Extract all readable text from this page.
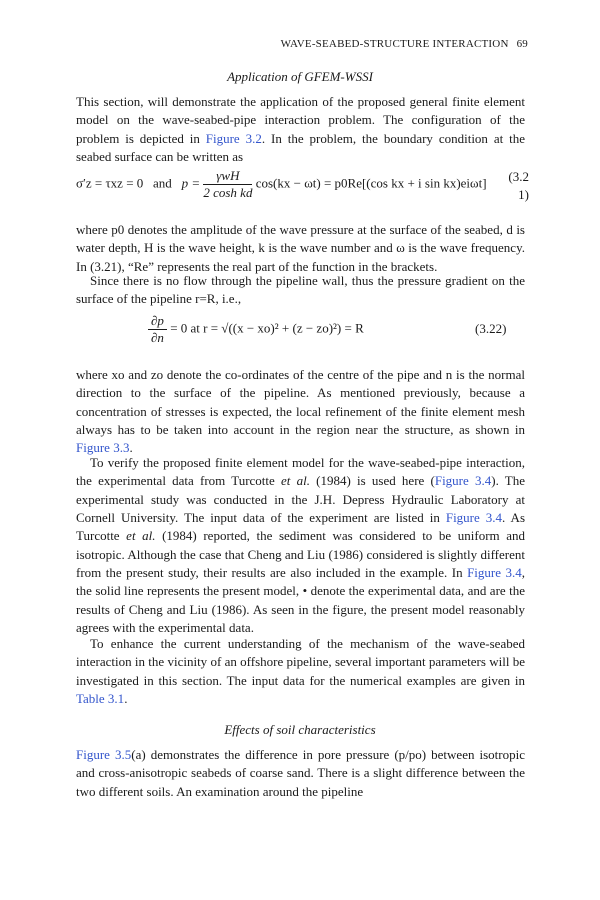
WAVE-SEABED-STRUCTURE INTERACTION 69
Application of GFEM-WSSI

This section, will demonstrate the application of the proposed general finite element model on the wave-seabed-pipe interaction problem. The configuration of the problem is depicted in Figure 3.2. In the problem, the boundary condition at the seabed surface can be written as

σ′z = τxz = 0 and $p = \frac{\text{γwH}}{\text{2 cosh kd}} \cos(kx - \omega t) = p0Re[(\cos$ kx + i sin kx)eiωt] (3.21)

where p0 denotes the amplitude of the wave pressure at the surface of the seabed, d is water depth, H is the wave height, k is the wave number and ω is the wave frequency. In (3.21), “Re” represents the real part of the function in the brackets.

Since there is no flow through the pipeline wall, thus the pressure gradient on the surface of the pipeline r=R, i.e.,

$\frac{\partial p}{\partial n} = 0$ at r = √((x − xo)² + (z − zo)²) = R	(3.22)

where xo and zo denote the co-ordinates of the centre of the pipe and n is the normal direction to the surface of the pipeline. As mentioned previously, because a concentration of stresses is expected, the local refinement of the finite element mesh always has to be taken into account in the region near the structure, as shown in Figure 3.3.

To verify the proposed finite element model for the wave-seabed-pipe interaction, the experimental data from Turcotte et al. (1984) is used here (Figure 3.4). The experimental study was conducted in the J.H. Depress Hydraulic Laboratory at Cornell University. The input data of the experiment are listed in Figure 3.4. As Turcotte et al. (1984) reported, the sediment was considered to be uniform and isotropic. Although the case that Cheng and Liu (1986) considered is slightly different from the present study, their results are also included in the example. In Figure 3.4, the solid line represents the present model, • denote the experimental data, and are the results of Cheng and Liu (1986). As seen in the figure, the present model reasonably agrees with the experimental data.

To enhance the current understanding of the mechanism of the wave-seabed interaction in the vicinity of an offshore pipeline, several important parameters will be investigated in this section. The input data for the numerical examples are given in Table 3.1.

Effects of soil characteristics

Figure 3.5(a) demonstrates the difference in pore pressure (p/po) between isotropic and cross-anisotropic seabeds of coarse sand. There is a slight difference between the two different soils. An examination around the pipeline
